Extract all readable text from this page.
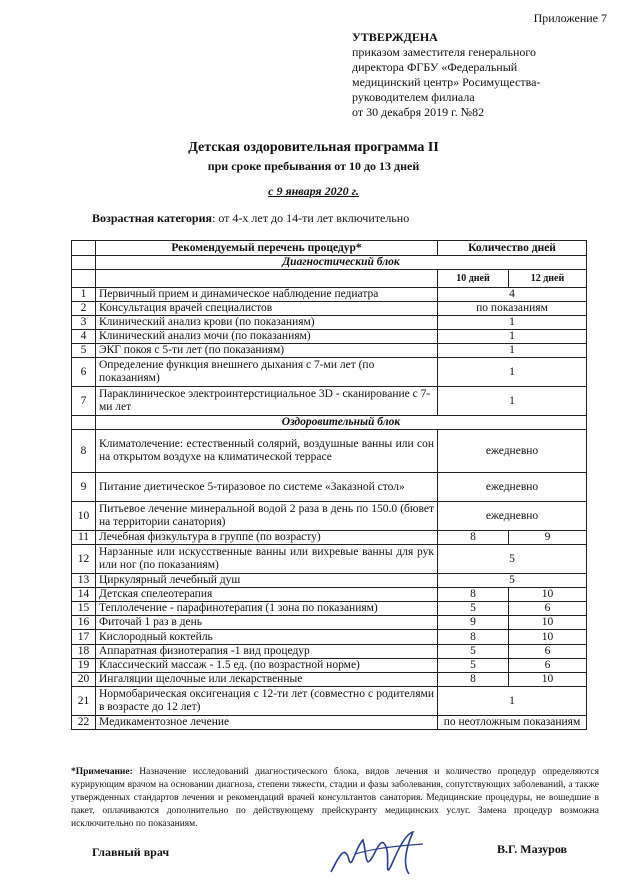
Приложение 7
УТВЕРЖДЕНА
приказом заместителя генерального
директора ФГБУ «Федеральный
медицинский центр» Росимущества-
руководителем филиала
от 30 декабря 2019 г. №82
Детская оздоровительная программа II
при сроке пребывания от 10 до 13 дней
с 9 января 2020 г.
Возрастная категория: от 4-х лет до 14-ти лет включительно
	Рекомендуемый перечень процедур*	Количество дней	
	Диагностический блок		
		10 дней	12 дней
1	Первичный прием и динамическое наблюдение педиатра	4	
2	Консультация врачей специалистов	по показаниям	
3	Клинический анализ крови (по показаниям)	1	
4	Клинический анализ мочи (по показаниям)	1	
5	ЭКГ покоя с 5-ти лет (по показаниям)	1	
6	Определение функция внешнего дыхания с 7-ми лет (по показаниям)	1	
7	Параклиническое электроинтерстициальное 3D - сканирование с 7-ми лет	1	
	Оздоровительный блок		
8	Климатолечение: естественный солярий, воздушные ванны или сон на открытом воздухе на климатической террасе	ежедневно	
9	Питание диетическое 5-тиразовое по системе «Заказной стол»	ежедневно	
10	Питьевое лечение минеральной водой 2 раза в день по 150.0 (бювет на территории санатория)	ежедневно	
11	Лечебная физкультура в группе (по возрасту)	8	9
12	Нарзанные или искусственные ванны или вихревые ванны для рук или ног (по показаниям)	5	
13	Циркулярный лечебный душ	5	
14	Детская спелеотерапия	8	10
15	Теплолечение - парафинотерапия (1 зона по показаниям)	5	6
16	Фиточай 1 раз в день	9	10
17	Кислородный коктейль	8	10
18	Аппаратная физиотерапия -1 вид процедур	5	6
19	Классический массаж - 1.5 ед. (по возрастной норме)	5	6
20	Ингаляции щелочные или лекарственные	8	10
21	Нормобарическая оксигенация с 12-ти лет (совместно с родителями в возрасте до 12 лет)	1	
22	Медикаментозное лечение	по неотложным показаниям	
*Примечание: Назначение исследований диагностического блока, видов лечения и количество процедур определяются курирующим врачом на основании диагноза, степени тяжести, стадии и фазы заболевания, сопутствующих заболеваний, а также утвержденных стандартов лечения и рекомендаций врачей консультантов санатория. Медицинские процедуры, не вошедшие в пакет, оплачиваются дополнительно по действующему прейскуранту медицинских услуг. Замена процедур возможна исключительно по показаниям.
Главный врач	В.Г. Мазуров
